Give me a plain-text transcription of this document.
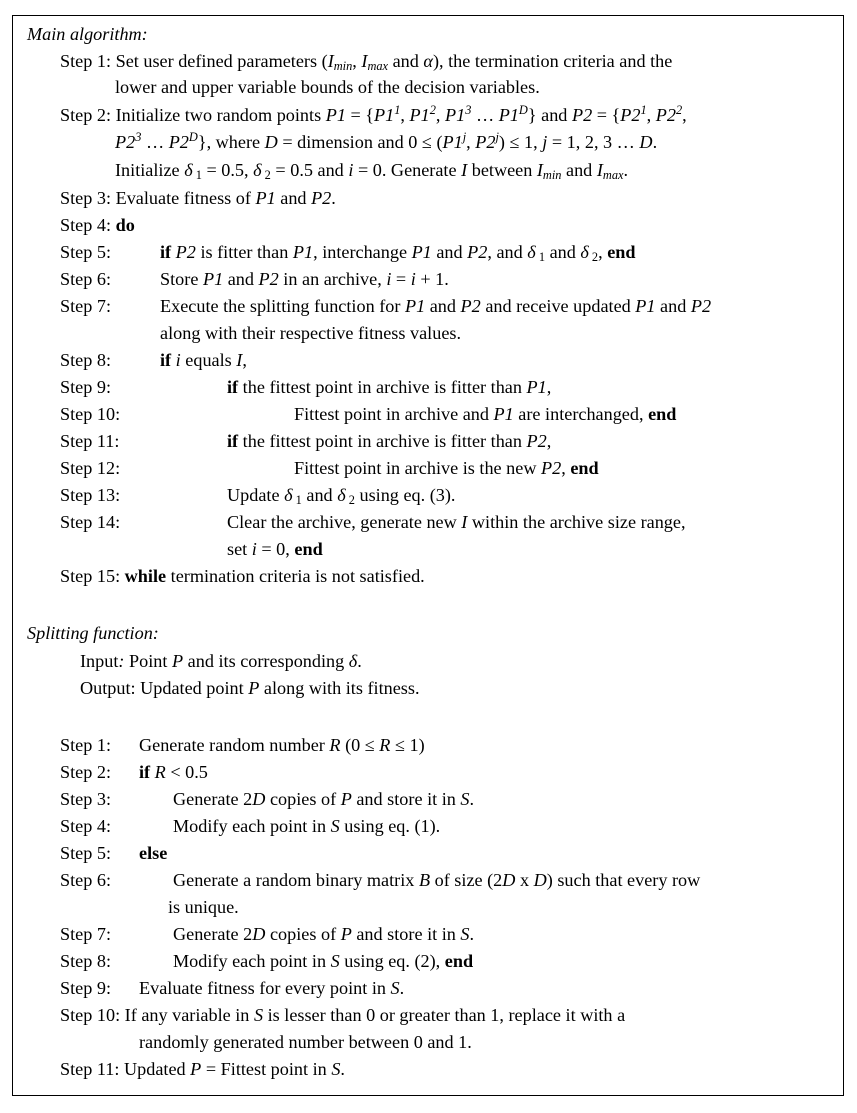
Main algorithm:
Step 1: Set user defined parameters ($I_{min}$, $I_{max}$ and α), the termination criteria and the
lower and upper variable bounds of the decision variables.
Step 2: Initialize two random points $P1 = \{P1^1$, $P1^2$, $P1^3$ … $P1^D$} and $P2 = \{P2^1$, $P2^2$,
$P2^3$ … $P2^D$}, where D = dimension and $0 \le (P1^j$, $P2^j) \le 1$, j = 1, 2, 3 … D.
Initialize δ $_1$ = 0.5, δ $_2$ = 0.5 and i = 0. Generate I between $I_{min}$ and $I_{max}$.
Step 3: Evaluate fitness of P1 and P2.
Step 4: do
Step 5:	if P2 is fitter than P1, interchange P1 and P2, and δ $_1$ and δ $_2$, end
Step 6:	Store P1 and P2 in an archive, i = i + 1.
Step 7:	Execute the splitting function for P1 and P2 and receive updated P1 and P2
along with their respective fitness values.
Step 8:	if i equals I,
Step 9:	if the fittest point in archive is fitter than P1,
Step 10:	Fittest point in archive and P1 are interchanged, end
Step 11:	if the fittest point in archive is fitter than P2,
Step 12:	Fittest point in archive is the new P2, end
Step 13:	Update δ $_1$ and δ $_2$ using eq. (3).
Step 14:	Clear the archive, generate new I within the archive size range,
set i = 0, end
Step 15: while termination criteria is not satisfied.
Splitting function:
Input: Point P and its corresponding δ.
Output: Updated point P along with its fitness.
Step 1: Generate random number R (0 ≤ R ≤ 1)
Step 2: if R < 0.5
Step 3:	Generate 2D copies of P and store it in S.
Step 4:	Modify each point in S using eq. (1).
Step 5: else
Step 6:	Generate a random binary matrix B of size (2D x D) such that every row
is unique.
Step 7:	Generate 2D copies of P and store it in S.
Step 8:	Modify each point in S using eq. (2), end
Step 9: Evaluate fitness for every point in S.
Step 10: If any variable in S is lesser than 0 or greater than 1, replace it with a
randomly generated number between 0 and 1.
Step 11: Updated P = Fittest point in S.
